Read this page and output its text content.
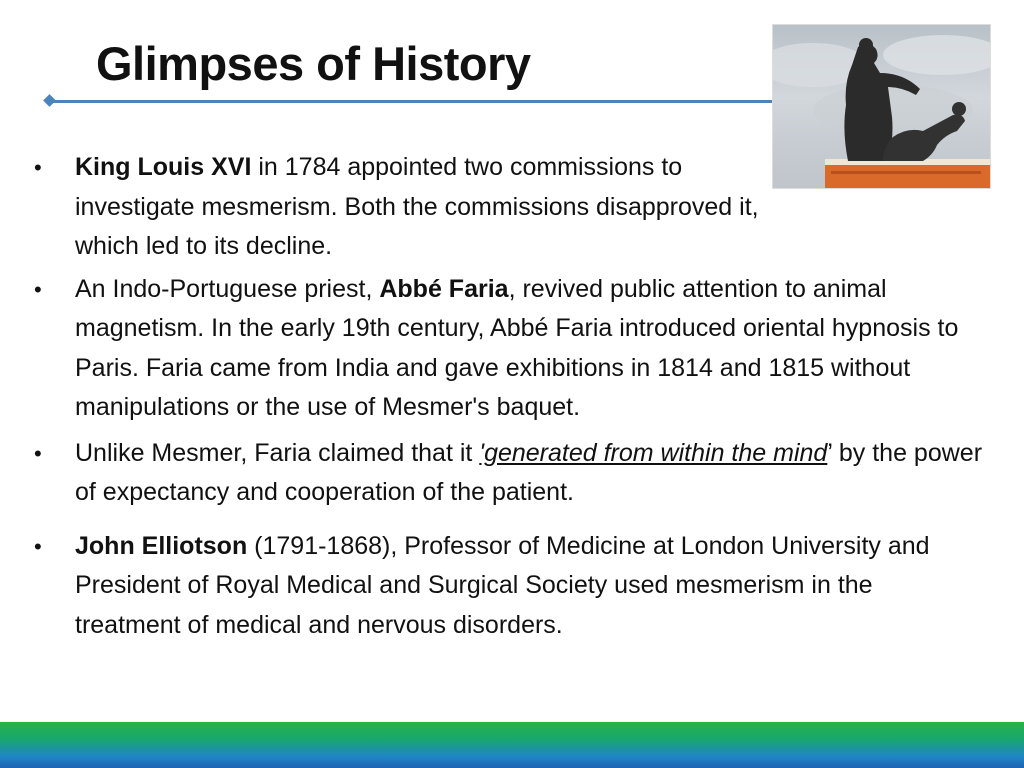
Glimpses of History
• King Louis XVI in 1784 appointed two commissions to investigate mesmerism. Both the commissions disapproved it, which led to its decline.
• An Indo-Portuguese priest, Abbé Faria, revived public attention to animal magnetism. In the early 19th century, Abbé Faria introduced oriental hypnosis to Paris. Faria came from India and gave exhibitions in 1814 and 1815 without manipulations or the use of Mesmer's baquet.
• Unlike Mesmer, Faria claimed that it 'generated from within the mind’ by the power of expectancy and cooperation of the patient.
• John Elliotson (1791-1868), Professor of Medicine at London University and President of Royal Medical and Surgical Society used mesmerism in the treatment of medical and nervous disorders.
